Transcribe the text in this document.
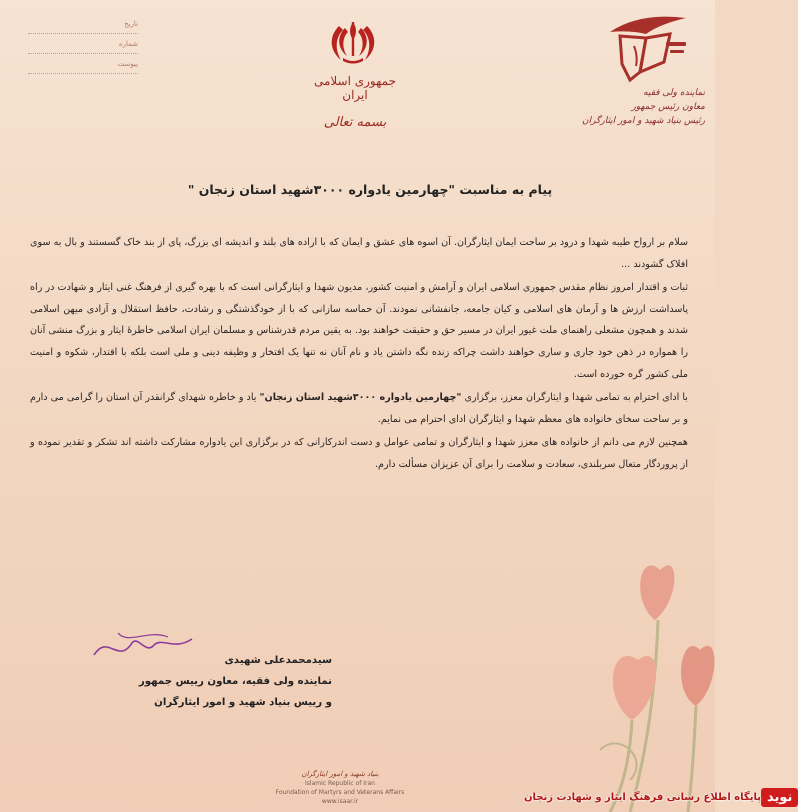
تاریخ
شماره
پیوست
جمهوری اسلامی ایران
بسمه تعالی
نماینده ولی فقیه
معاون رئیس جمهور
رئیس بنیاد شهید و امور ایثارگران
پیام به مناسبت "چهارمین یادواره ۳۰۰۰شهید استان زنجان "

سلام بر ارواح طیبه شهدا و درود بر ساحت ایمان ایثارگران. آن اسوه های عشق و ایمان که با اراده های بلند و اندیشه ای بزرگ، پای از بند خاک گسستند و بال به سوی افلاک گشودند ...

ثبات و اقتدار امروز نظام مقدس جمهوری اسلامی ایران و آرامش و امنیت کشور، مدیون شهدا و ایثارگرانی است که با بهره گیری از فرهنگ غنی ایثار و شهادت در راه پاسداشت ارزش ها و آرمان های اسلامی و کیان جامعه، جانفشانی نمودند. آن حماسه سازانی که با از خودگذشتگی و رشادت، حافظ استقلال و آزادی میهن اسلامی شدند و همچون مشعلی راهنمای ملت غیور ایران در مسیر حق و حقیقت خواهند بود. به یقین مردم قدرشناس و مسلمان ایران اسلامی خاطرهٔ ایثار و بزرگ منشی آنان را همواره در ذهن خود جاری و ساری خواهند داشت چراکه زنده نگه داشتن یاد و نام آنان نه تنها یک افتخار و وظیفه دینی و ملی است بلکه با اقتدار، شکوه و امنیت ملی کشور گره خورده است.

با ادای احترام به تمامی شهدا و ایثارگران معزز، برگزاری "چهارمین یادواره ۳۰۰۰شهید استان زنجان" یاد و خاطره شهدای گرانقدر آن استان را گرامی می دارم و بر ساحت سخای خانواده های معظم شهدا و ایثارگران ادای احترام می نمایم.

همچنین لازم می دانم از خانواده های معزز شهدا و ایثارگران و تمامی عوامل و دست اندرکارانی که در برگزاری این یادواره مشارکت داشته اند تشکر و تقدیر نموده و از پروردگار متعال سربلندی، سعادت و سلامت را برای آن عزیزان مسألت دارم.

سیدمحمدعلی شهیدی
نماینده ولی فقیه، معاون رییس جمهور
و رییس بنیاد شهید و امور ایثارگران
بنیاد شهید و امور ایثارگران
Islamic Republic of Iran
Foundation of Martyrs and Veterans Affairs
www.isaar.ir	نوید
پایگاه اطلاع رسانی فرهنگ ایثار و شهادت زنجان
